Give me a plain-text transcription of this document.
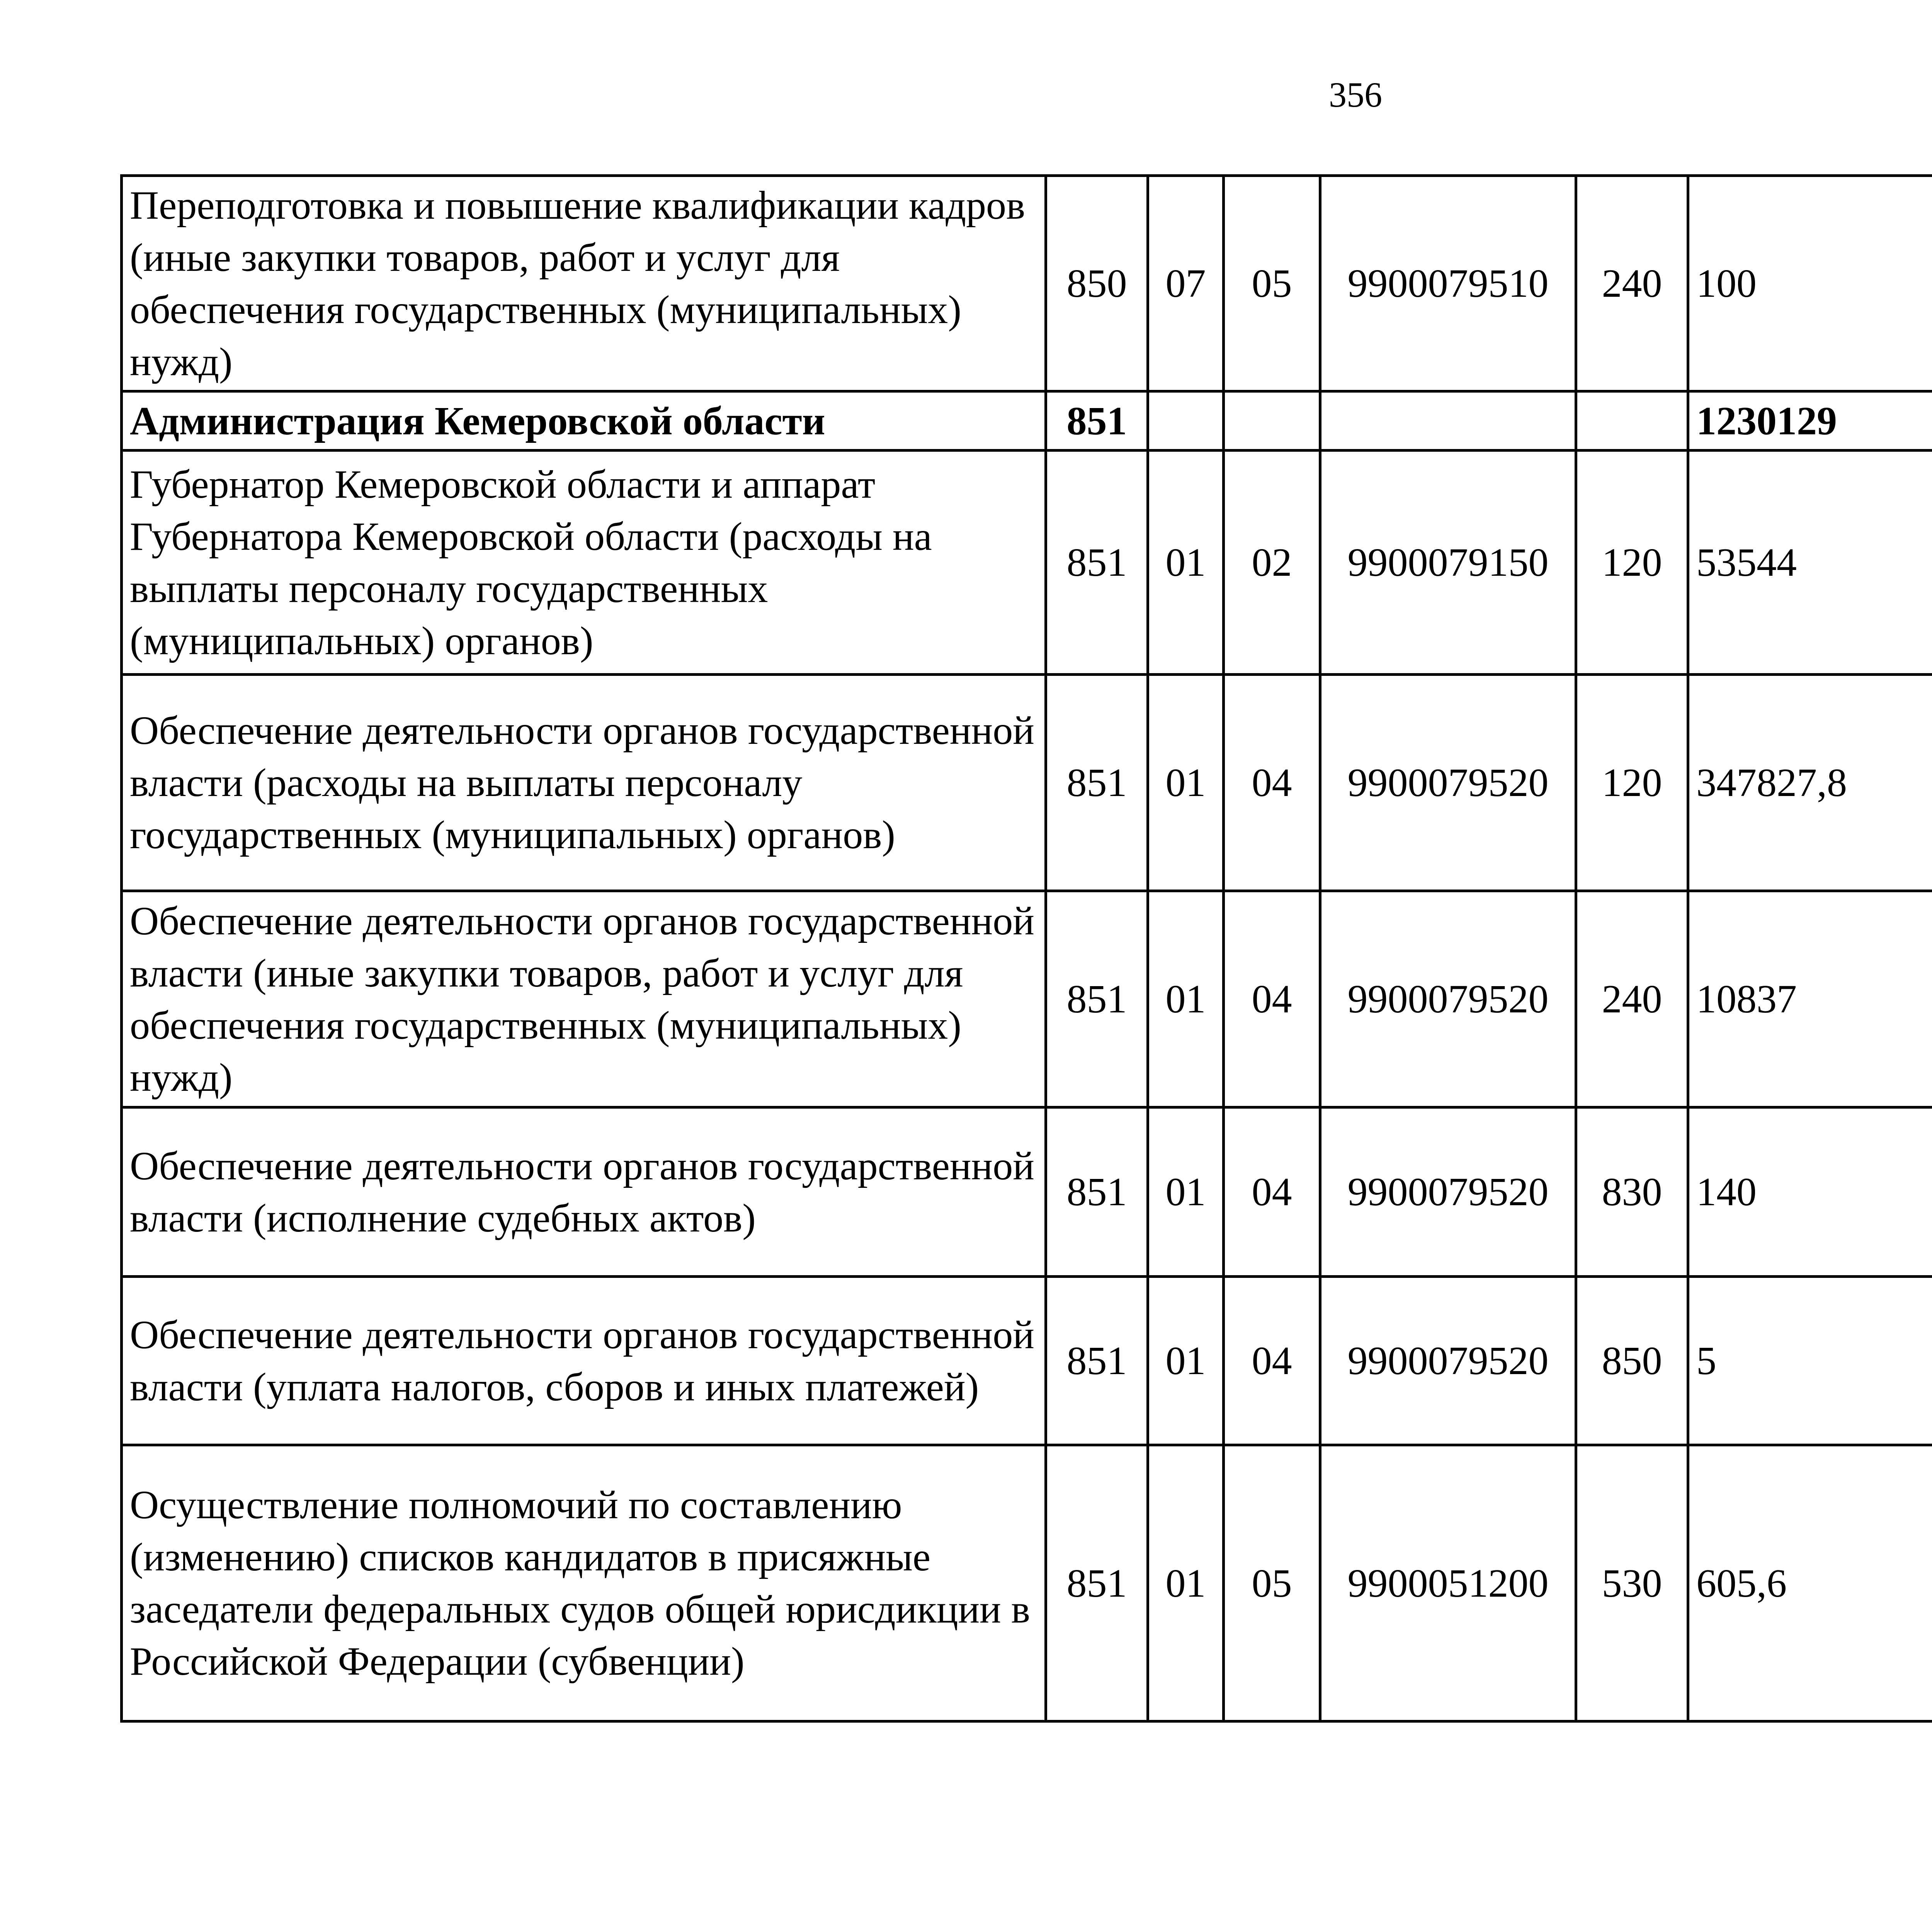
356
Переподготовка и повышение квалификации кадров (иные закупки товаров, работ и услуг для обеспечения государственных (муниципальных) нужд)	850	07	05	9900079510	240	100		
Администрация Кемеровской области	851					1230129		
Губернатор Кемеровской области и аппарат Губернатора Кемеровской области (расходы на выплаты персоналу государственных (муниципальных) органов)	851	01	02	9900079150	120	53544		
Обеспечение деятельности органов государственной власти (расходы на выплаты персоналу государственных (муниципальных) органов)	851	01	04	9900079520	120	347827,8		
Обеспечение деятельности органов государственной власти (иные закупки товаров, работ и услуг для обеспечения государственных (муниципальных) нужд)	851	01	04	9900079520	240	10837		
Обеспечение деятельности органов государственной власти (исполнение судебных актов)	851	01	04	9900079520	830	140		
Обеспечение деятельности органов государственной власти (уплата налогов, сборов и иных платежей)	851	01	04	9900079520	850	5		
Осуществление полномочий по составлению (изменению) списков кандидатов в присяжные заседатели федеральных судов общей юрисдикции в Российской Федерации (субвенции)	851	01	05	9900051200	530	605,6		
